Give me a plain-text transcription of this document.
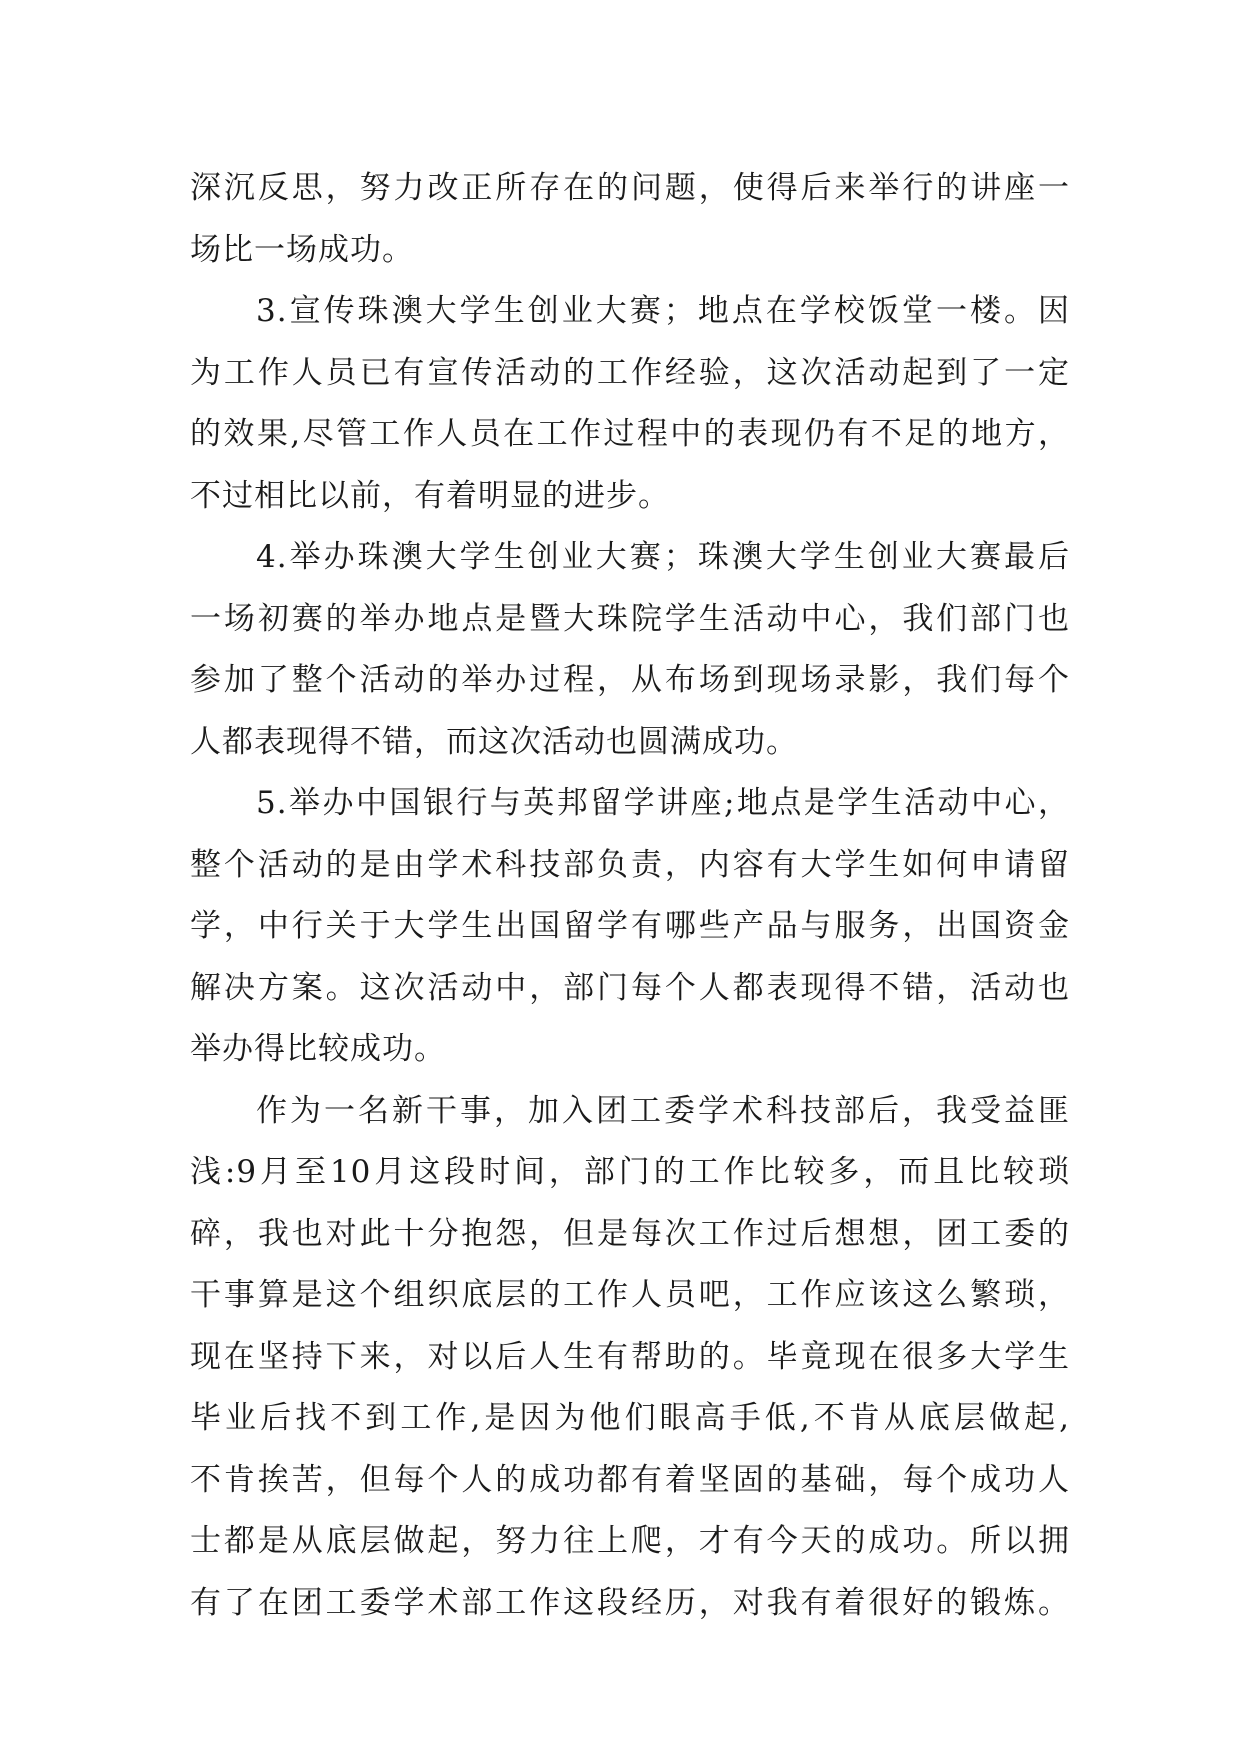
深沉反思，努力改正所存在的问题，使得后来举行的讲座一
场比一场成功。
3.宣传珠澳大学生创业大赛；地点在学校饭堂一楼。因
为工作人员已有宣传活动的工作经验，这次活动起到了一定
的效果,尽管工作人员在工作过程中的表现仍有不足的地方，
不过相比以前，有着明显的进步。
4.举办珠澳大学生创业大赛；珠澳大学生创业大赛最后
一场初赛的举办地点是暨大珠院学生活动中心，我们部门也
参加了整个活动的举办过程，从布场到现场录影，我们每个
人都表现得不错，而这次活动也圆满成功。
5.举办中国银行与英邦留学讲座;地点是学生活动中心，
整个活动的是由学术科技部负责，内容有大学生如何申请留
学，中行关于大学生出国留学有哪些产品与服务，出国资金
解决方案。这次活动中，部门每个人都表现得不错，活动也
举办得比较成功。
作为一名新干事，加入团工委学术科技部后，我受益匪
浅:9月至10月这段时间，部门的工作比较多，而且比较琐
碎，我也对此十分抱怨，但是每次工作过后想想，团工委的
干事算是这个组织底层的工作人员吧，工作应该这么繁琐，
现在坚持下来，对以后人生有帮助的。毕竟现在很多大学生
毕业后找不到工作,是因为他们眼高手低,不肯从底层做起,
不肯挨苦，但每个人的成功都有着坚固的基础，每个成功人
士都是从底层做起，努力往上爬，才有今天的成功。所以拥
有了在团工委学术部工作这段经历，对我有着很好的锻炼。
